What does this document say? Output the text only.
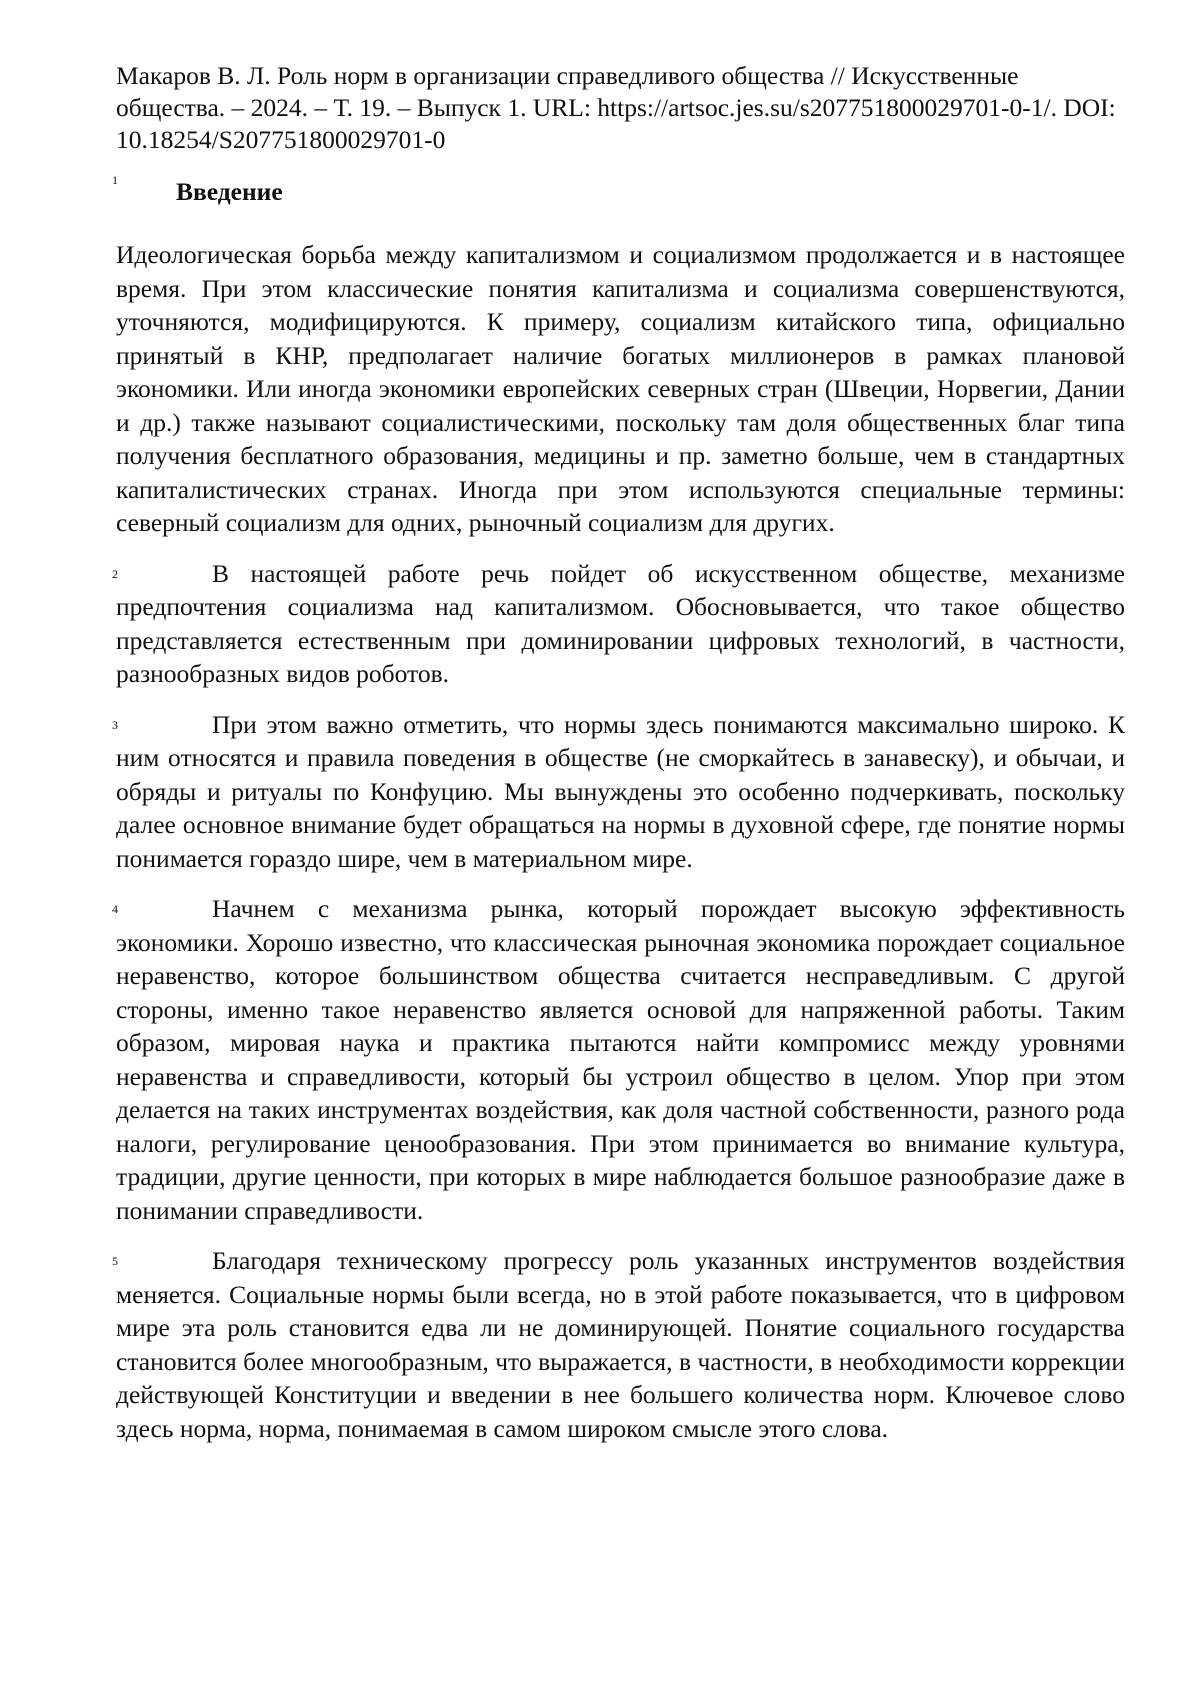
Макаров В. Л. Роль норм в организации справедливого общества // Искусственные общества. – 2024. – Т. 19. – Выпуск 1. URL: https://artsoc.jes.su/s207751800029701-0-1/. DOI: 10.18254/S207751800029701-0

1 Введение

Идеологическая борьба между капитализмом и социализмом продолжается и в настоящее время. При этом классические понятия капитализма и социализма совершенствуются, уточняются, модифицируются. К примеру, социализм китайского типа, официально принятый в КНР, предполагает наличие богатых миллионеров в рамках плановой экономики. Или иногда экономики европейских северных стран (Швеции, Норвегии, Дании и др.) также называют социалистическими, поскольку там доля общественных благ типа получения бесплатного образования, медицины и пр. заметно больше, чем в стандартных капиталистических странах. Иногда при этом используются специальные термины: северный социализм для одних, рыночный социализм для других.

2	В настоящей работе речь пойдет об искусственном обществе, механизме предпочтения социализма над капитализмом. Обосновывается, что такое общество представляется естественным при доминировании цифровых технологий, в частности, разнообразных видов роботов.

3	При этом важно отметить, что нормы здесь понимаются максимально широко. К ним относятся и правила поведения в обществе (не сморкайтесь в занавеску), и обычаи, и обряды и ритуалы по Конфуцию. Мы вынуждены это особенно подчеркивать, поскольку далее основное внимание будет обращаться на нормы в духовной сфере, где понятие нормы понимается гораздо шире, чем в материальном мире.

4	Начнем с механизма рынка, который порождает высокую эффективность экономики. Хорошо известно, что классическая рыночная экономика порождает социальное неравенство, которое большинством общества считается несправедливым. С другой стороны, именно такое неравенство является основой для напряженной работы. Таким образом, мировая наука и практика пытаются найти компромисс между уровнями неравенства и справедливости, который бы устроил общество в целом. Упор при этом делается на таких инструментах воздействия, как доля частной собственности, разного рода налоги, регулирование ценообразования. При этом принимается во внимание культура, традиции, другие ценности, при которых в мире наблюдается большое разнообразие даже в понимании справедливости.

5	Благодаря техническому прогрессу роль указанных инструментов воздействия меняется. Социальные нормы были всегда, но в этой работе показывается, что в цифровом мире эта роль становится едва ли не доминирующей. Понятие социального государства становится более многообразным, что выражается, в частности, в необходимости коррекции действующей Конституции и введении в нее большего количества норм. Ключевое слово здесь норма, норма, понимаемая в самом широком смысле этого слова.
